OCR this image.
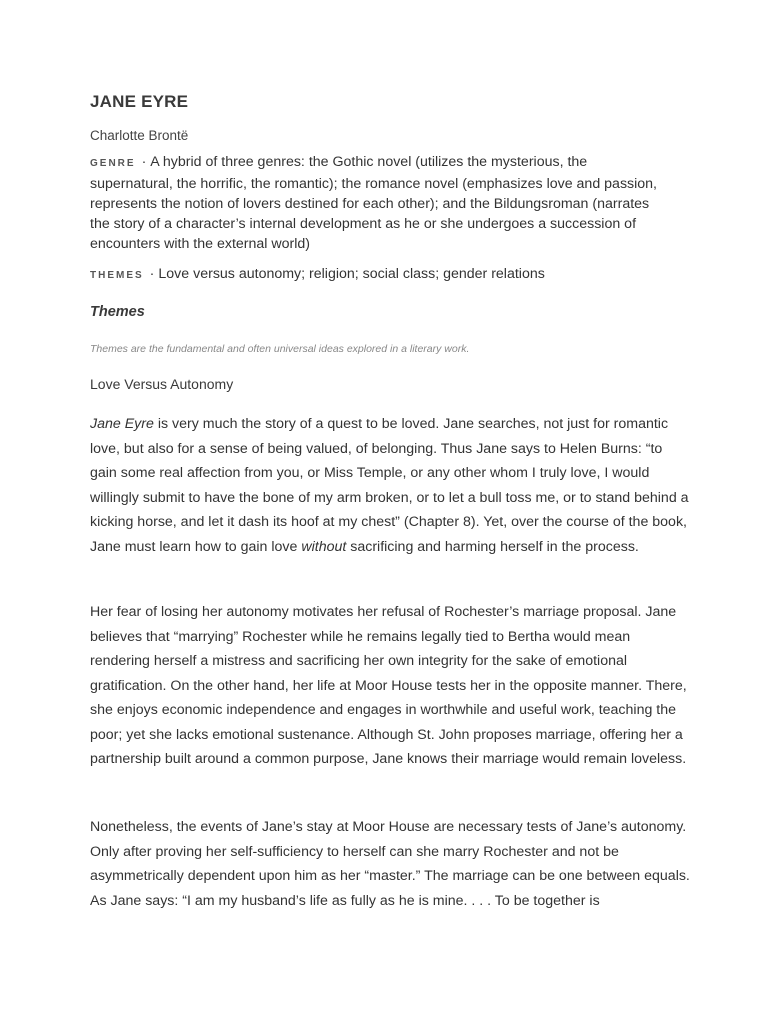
JANE EYRE
Charlotte Brontë
GENRE · A hybrid of three genres: the Gothic novel (utilizes the mysterious, the supernatural, the horrific, the romantic); the romance novel (emphasizes love and passion, represents the notion of lovers destined for each other); and the Bildungsroman (narrates the story of a character’s internal development as he or she undergoes a succession of encounters with the external world)
THEMES · Love versus autonomy; religion; social class; gender relations
Themes
Themes are the fundamental and often universal ideas explored in a literary work.
Love Versus Autonomy

Jane Eyre is very much the story of a quest to be loved. Jane searches, not just for romantic love, but also for a sense of being valued, of belonging. Thus Jane says to Helen Burns: “to gain some real affection from you, or Miss Temple, or any other whom I truly love, I would willingly submit to have the bone of my arm broken, or to let a bull toss me, or to stand behind a kicking horse, and let it dash its hoof at my chest” (Chapter 8). Yet, over the course of the book, Jane must learn how to gain love without sacrificing and harming herself in the process.

Her fear of losing her autonomy motivates her refusal of Rochester’s marriage proposal. Jane believes that “marrying” Rochester while he remains legally tied to Bertha would mean rendering herself a mistress and sacrificing her own integrity for the sake of emotional gratification. On the other hand, her life at Moor House tests her in the opposite manner. There, she enjoys economic independence and engages in worthwhile and useful work, teaching the poor; yet she lacks emotional sustenance. Although St. John proposes marriage, offering her a partnership built around a common purpose, Jane knows their marriage would remain loveless.

Nonetheless, the events of Jane’s stay at Moor House are necessary tests of Jane’s autonomy. Only after proving her self-sufficiency to herself can she marry Rochester and not be asymmetrically dependent upon him as her “master.” The marriage can be one between equals. As Jane says: “I am my husband’s life as fully as he is mine. . . . To be together is
